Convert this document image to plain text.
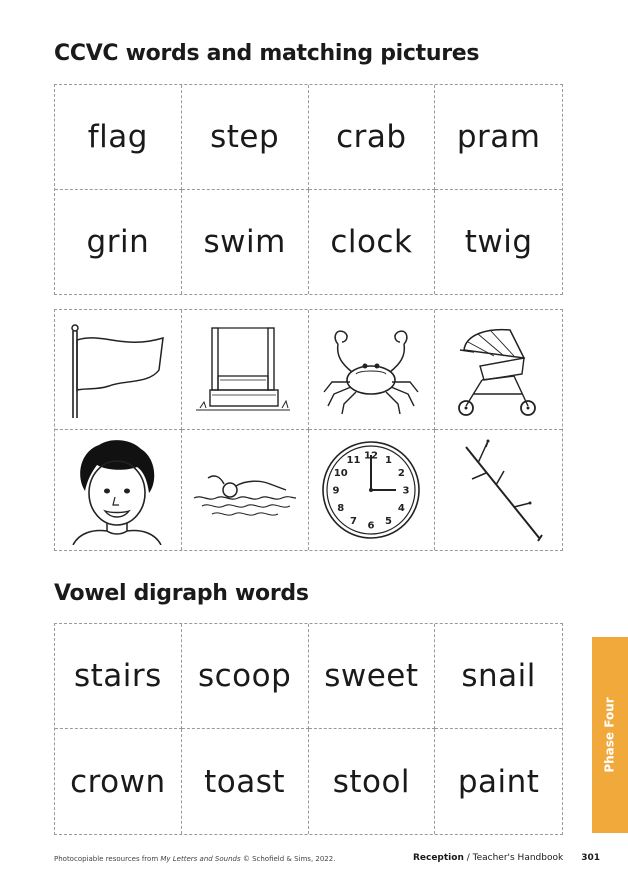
CCVC words and matching pictures
flag step crab pram
grin swim clock twig
12 1
2
3
4
5
6
7
8
9
10
11
Vowel digraph words
stairs scoop sweet snail
crown toast stool paint
Phase Four
Photocopiable resources from My Letters and Sounds © Schofield & Sims, 2022.	Reception / Teacher's Handbook 301
